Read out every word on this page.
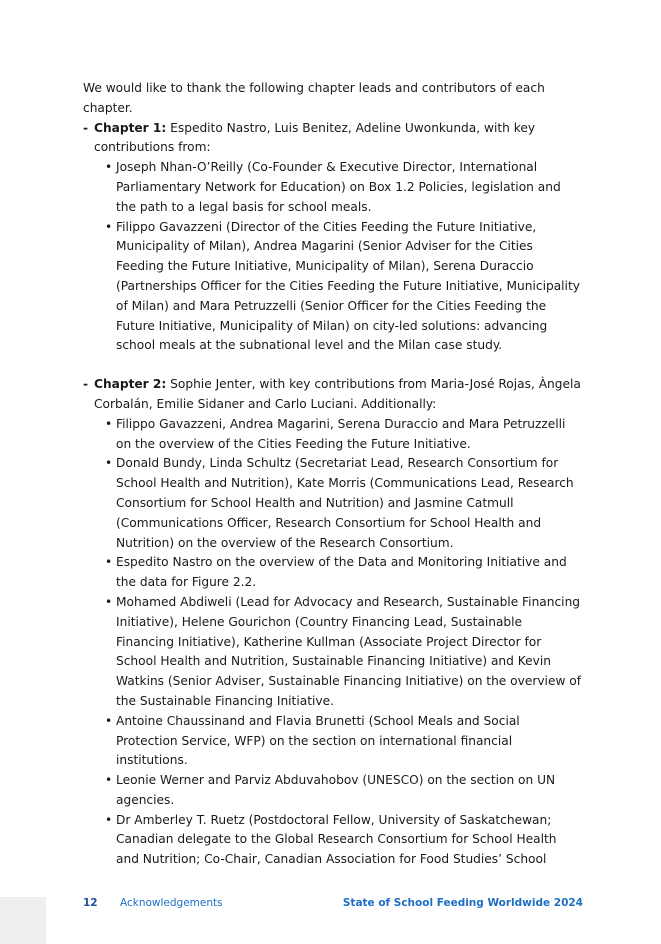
We would like to thank the following chapter leads and contributors of each chapter.

- Chapter 1: Espedito Nastro, Luis Benitez, Adeline Uwonkunda, with key contributions from:
• Joseph Nhan-O’Reilly (Co-Founder & Executive Director, International Parliamentary Network for Education) on Box 1.2 Policies, legislation and the path to a legal basis for school meals.
• Filippo Gavazzeni (Director of the Cities Feeding the Future Initiative, Municipality of Milan), Andrea Magarini (Senior Adviser for the Cities Feeding the Future Initiative, Municipality of Milan), Serena Duraccio (Partnerships Officer for the Cities Feeding the Future Initiative, Municipality of Milan) and Mara Petruzzelli (Senior Officer for the Cities Feeding the Future Initiative, Municipality of Milan) on city-led solutions: advancing school meals at the subnational level and the Milan case study.
- Chapter 2: Sophie Jenter, with key contributions from Maria-José Rojas, Àngela Corbalán, Emilie Sidaner and Carlo Luciani. Additionally:
• Filippo Gavazzeni, Andrea Magarini, Serena Duraccio and Mara Petruzzelli on the overview of the Cities Feeding the Future Initiative.
• Donald Bundy, Linda Schultz (Secretariat Lead, Research Consortium for School Health and Nutrition), Kate Morris (Communications Lead, Research Consortium for School Health and Nutrition) and Jasmine Catmull (Communications Officer, Research Consortium for School Health and Nutrition) on the overview of the Research Consortium.
• Espedito Nastro on the overview of the Data and Monitoring Initiative and the data for Figure 2.2.
• Mohamed Abdiweli (Lead for Advocacy and Research, Sustainable Financing Initiative), Helene Gourichon (Country Financing Lead, Sustainable Financing Initiative), Katherine Kullman (Associate Project Director for School Health and Nutrition, Sustainable Financing Initiative) and Kevin Watkins (Senior Adviser, Sustainable Financing Initiative) on the overview of the Sustainable Financing Initiative.
• Antoine Chaussinand and Flavia Brunetti (School Meals and Social Protection Service, WFP) on the section on international financial institutions.
• Leonie Werner and Parviz Abduvahobov (UNESCO) on the section on UN agencies.
• Dr Amberley T. Ruetz (Postdoctoral Fellow, University of Saskatchewan; Canadian delegate to the Global Research Consortium for School Health and Nutrition; Co-Chair, Canadian Association for Food Studies’ School
12 Acknowledgements	State of School Feeding Worldwide 2024
